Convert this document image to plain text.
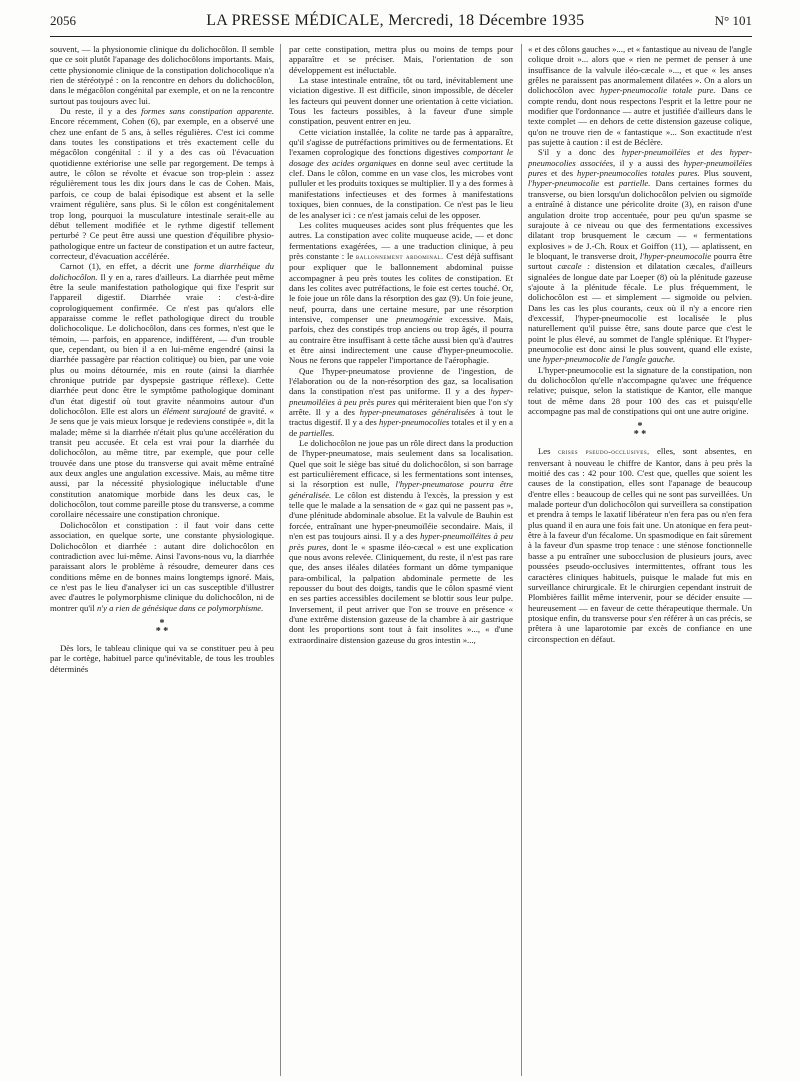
2056	LA PRESSE MÉDICALE, Mercredi, 18 Décembre 1935	N° 101

souvent, — la physionomie clinique du dolichocôlon. Il semble que ce soit plutôt l'apanage des dolichocôlons importants. Mais, cette physionomie clinique de la constipation dolichocolique n'a rien de stéréotypé : on la rencontre en dehors du dolichocôlon, dans le mégacôlon congénital par exemple, et on ne la rencontre surtout pas toujours avec lui.

Du reste, il y a des formes sans constipation apparente. Encore récemment, Cohen (6), par exemple, en a observé une chez une enfant de 5 ans, à selles régulières. C'est ici comme dans toutes les constipations et très exactement celle du mégacôlon congénital : il y a des cas où l'évacuation quotidienne extériorise une selle par regorgement. De temps à autre, le côlon se révolte et évacue son trop-plein : assez régulièrement tous les dix jours dans le cas de Cohen. Mais, parfois, ce coup de balai épisodique est absent et la selle vraiment régulière, sans plus. Si le côlon est congénitalement trop long, pourquoi la musculature intestinale serait-elle au début tellement modifiée et le rythme digestif tellement perturbé ? Ce peut être aussi une question d'équilibre physio-pathologique entre un facteur de constipation et un autre facteur, correcteur, d'évacuation accélérée.

Carnot (1), en effet, a décrit une forme diarrhéique du dolichocôlon. Il y en a, rares d'ailleurs. La diarrhée peut même être la seule manifestation pathologique qui fixe l'esprit sur l'appareil digestif. Diarrhée vraie : c'est-à-dire coprologiquement confirmée. Ce n'est pas qu'alors elle apparaisse comme le reflet pathologique direct du trouble dolichocolique. Le dolichocôlon, dans ces formes, n'est que le témoin, — parfois, en apparence, indifférent, — d'un trouble que, cependant, ou bien il a en lui-même engendré (ainsi la diarrhée passagère par réaction colitique) ou bien, par une voie plus ou moins détournée, mis en route (ainsi la diarrhée chronique putride par dyspepsie gastrique réflexe). Cette diarrhée peut donc être le symptôme pathologique dominant d'un état digestif où tout gravite néanmoins autour d'un dolichocôlon. Elle est alors un élément surajouté de gravité. « Je sens que je vais mieux lorsque je redeviens constipée », dit la malade; même si la diarrhée n'était plus qu'une accélération du transit peu accusée. Et cela est vrai pour la diarrhée du dolichocôlon, au même titre, par exemple, que pour celle trouvée dans une ptose du transverse qui avait même entraîné aux deux angles une angulation excessive. Mais, au même titre aussi, par la nécessité physiologique inéluctable d'une constitution anatomique morbide dans les deux cas, le dolichocôlon, tout comme pareille ptose du transverse, a comme corollaire nécessaire une constipation chronique.

Dolichocôlon et constipation : il faut voir dans cette association, en quelque sorte, une constante physiologique. Dolichocôlon et diarrhée : autant dire dolichocôlon en contradiction avec lui-même. Ainsi l'avons-nous vu, la diarrhée paraissant alors le problème à résoudre, demeurer dans ces conditions même en de bonnes mains longtemps ignoré. Mais, ce n'est pas le lieu d'analyser ici un cas susceptible d'illustrer avec d'autres le polymorphisme clinique du dolichocôlon, ni de montrer qu'il n'y a rien de génésique dans ce polymorphisme.

*
* *

Dès lors, le tableau clinique qui va se constituer peu à peu par le cortège, habituel parce qu'inévitable, de tous les troubles déterminés

par cette constipation, mettra plus ou moins de temps pour apparaître et se préciser. Mais, l'orientation de son développement est inéluctable.

La stase intestinale entraîne, tôt ou tard, inévitablement une viciation digestive. Il est difficile, sinon impossible, de déceler les facteurs qui peuvent donner une orientation à cette viciation. Tous les facteurs possibles, à la faveur d'une simple constipation, peuvent entrer en jeu.

Cette viciation installée, la colite ne tarde pas à apparaître, qu'il s'agisse de putréfactions primitives ou de fermentations. Et l'examen coprologique des fonctions digestives comportant le dosage des acides organiques en donne seul avec certitude la clef. Dans le côlon, comme en un vase clos, les microbes vont pulluler et les produits toxiques se multiplier. Il y a des formes à manifestations infectieuses et des formes à manifestations toxiques, bien connues, de la constipation. Ce n'est pas le lieu de les analyser ici : ce n'est jamais celui de les opposer.

Les colites muqueuses acides sont plus fréquentes que les autres. La constipation avec colite muqueuse acide, — et donc fermentations exagérées, — a une traduction clinique, à peu près constante : le ballonnement abdominal. C'est déjà suffisant pour expliquer que le ballonnement abdominal puisse accompagner à peu près toutes les colites de constipation. Et dans les colites avec putréfactions, le foie est certes touché. Or, le foie joue un rôle dans la résorption des gaz (9). Un foie jeune, neuf, pourra, dans une certaine mesure, par une résorption intensive, compenser une pneumogénie excessive. Mais, parfois, chez des constipés trop anciens ou trop âgés, il pourra au contraire être insuffisant à cette tâche aussi bien qu'à d'autres et être ainsi indirectement une cause d'hyper-pneumocolie. Nous ne ferons que rappeler l'importance de l'aérophagie.

Que l'hyper-pneumatose provienne de l'ingestion, de l'élaboration ou de la non-résorption des gaz, sa localisation dans la constipation n'est pas uniforme. Il y a des hyper-pneumoïléies à peu près pures qui mériteraient bien que l'on s'y arrête. Il y a des hyper-pneumatoses généralisées à tout le tractus digestif. Il y a des hyper-pneumocolies totales et il y en a de partielles.

Le dolichocôlon ne joue pas un rôle direct dans la production de l'hyper-pneumatose, mais seulement dans sa localisation. Quel que soit le siège bas situé du dolichocôlon, si son barrage est particulièrement efficace, si les fermentations sont intenses, si la résorption est nulle, l'hyper-pneumatose pourra être généralisée. Le côlon est distendu à l'excès, la pression y est telle que le malade a la sensation de « gaz qui ne passent pas », d'une plénitude abdominale absolue. Et la valvule de Bauhin est forcée, entraînant une hyper-pneumoïléie secondaire. Mais, il n'en est pas toujours ainsi. Il y a des hyper-pneumoïléites à peu près pures, dont le « spasme iléo-cæcal » est une explication que nous avons relevée. Cliniquement, du reste, il n'est pas rare que, des anses iléales dilatées formant un dôme tympanique para-ombilical, la palpation abdominale permette de les repousser du bout des doigts, tandis que le côlon spasmé vient en ses parties accessibles docilement se blottir sous leur pulpe. Inversement, il peut arriver que l'on se trouve en présence « d'une extrême distension gazeuse de la chambre à air gastrique dont les proportions sont tout à fait insolites »..., « d'une extraordinaire distension gazeuse du gros intestin »...,

« et des côlons gauches »..., et « fantastique au niveau de l'angle colique droit »... alors que « rien ne permet de penser à une insuffisance de la valvule iléo-cæcale »..., et que « les anses grêles ne paraissent pas anormalement dilatées ». On a alors un dolichocôlon avec hyper-pneumocolie totale pure. Dans ce compte rendu, dont nous respectons l'esprit et la lettre pour ne modifier que l'ordonnance — autre et justifiée d'ailleurs dans le texte complet — en dehors de cette distension gazeuse colique, qu'on ne trouve rien de « fantastique »... Son exactitude n'est pas sujette à caution : il est de Béclère.

S'il y a donc des hyper-pneumoïléies et des hyper-pneumocolies associées, il y a aussi des hyper-pneumoïléies pures et des hyper-pneumocolies totales pures. Plus souvent, l'hyper-pneumocolie est partielle. Dans certaines formes du transverse, ou bien lorsqu'un dolichocôlon pelvien ou sigmoïde a entraîné à distance une péricolite droite (3), en raison d'une angulation droite trop accentuée, pour peu qu'un spasme se surajoute à ce niveau ou que des fermentations excessives dilatant trop brusquement le cæcum — « fermentations explosives » de J.-Ch. Roux et Goiffon (11), — aplatissent, en le bloquant, le transverse droit, l'hyper-pneumocolie pourra être surtout cæcale : distension et dilatation cæcales, d'ailleurs signalées de longue date par Loeper (8) où la plénitude gazeuse s'ajoute à la plénitude fécale. Le plus fréquemment, le dolichocôlon est — et simplement — sigmoïde ou pelvien. Dans les cas les plus courants, ceux où il n'y a encore rien d'excessif, l'hyper-pneumocolie est localisée le plus naturellement qu'il puisse être, sans doute parce que c'est le point le plus élevé, au sommet de l'angle splénique. Et l'hyper-pneumocolie est donc ainsi le plus souvent, quand elle existe, une hyper-pneumocolie de l'angle gauche.

L'hyper-pneumocolie est la signature de la constipation, non du dolichocôlon qu'elle n'accompagne qu'avec une fréquence relative; puisque, selon la statistique de Kantor, elle manque tout de même dans 28 pour 100 des cas et puisqu'elle accompagne pas mal de constipations qui ont une autre origine.

*
* *

Les crises pseudo-occlusives, elles, sont absentes, en renversant à nouveau le chiffre de Kantor, dans à peu près la moitié des cas : 42 pour 100. C'est que, quelles que soient les causes de la constipation, elles sont l'apanage de beaucoup d'entre elles : beaucoup de celles qui ne sont pas surveillées. Un malade porteur d'un dolichocôlon qui surveillera sa constipation et prendra à temps le laxatif libérateur n'en fera pas ou n'en fera plus quand il en aura une fois fait une. Un atonique en fera peut-être à la faveur d'un fécalome. Un spasmodique en fait sûrement à la faveur d'un spasme trop tenace : une sténose fonctionnelle basse a pu entraîner une subocclusion de plusieurs jours, avec poussées pseudo-occlusives intermittentes, offrant tous les caractères cliniques habituels, puisque le malade fut mis en surveillance chirurgicale. Et le chirurgien cependant instruit de Plombières faillit même intervenir, pour se décider ensuite — heureusement — en faveur de cette thérapeutique thermale. Un ptosique enfin, du transverse pour s'en référer à un cas précis, se prêtera à une laparotomie par excès de confiance en une circonspection en défaut.
